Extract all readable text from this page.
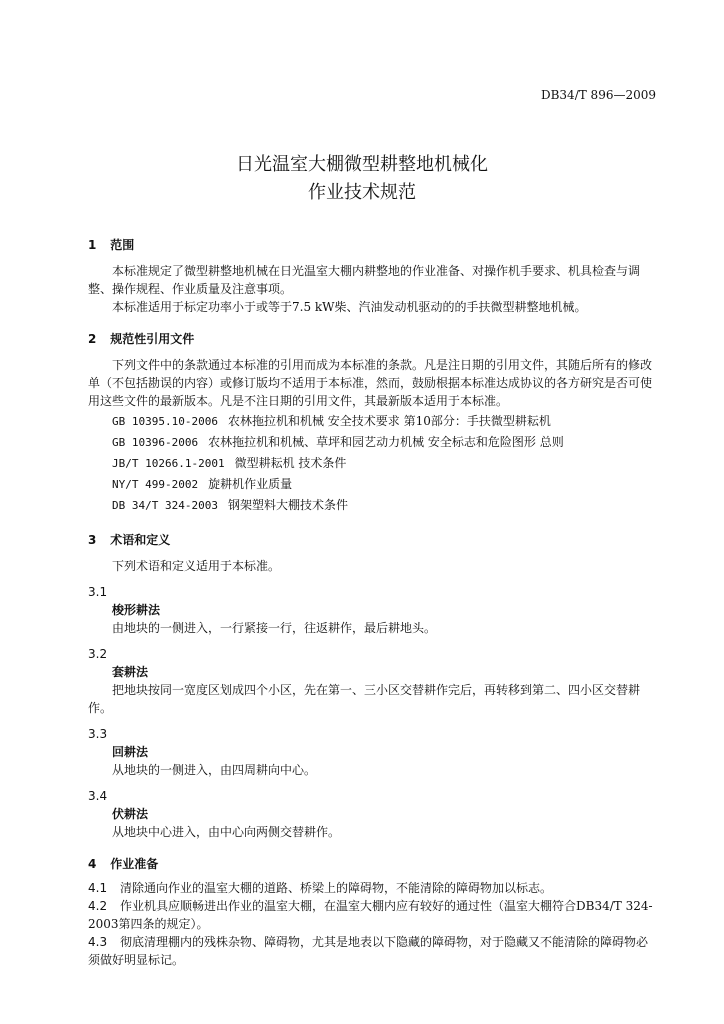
DB34/T 896—2009
日光温室大棚微型耕整地机械化
作业技术规范
1 范围

本标准规定了微型耕整地机械在日光温室大棚内耕整地的作业准备、对操作机手要求、机具检查与调整、操作规程、作业质量及注意事项。

本标准适用于标定功率小于或等于7.5 kW柴、汽油发动机驱动的的手扶微型耕整地机械。

2 规范性引用文件

下列文件中的条款通过本标准的引用而成为本标准的条款。凡是注日期的引用文件，其随后所有的修改单（不包括勘误的内容）或修订版均不适用于本标准，然而，鼓励根据本标准达成协议的各方研究是否可使用这些文件的最新版本。凡是不注日期的引用文件，其最新版本适用于本标准。

GB 10395.10-2006 农林拖拉机和机械 安全技术要求 第10部分：手扶微型耕耘机
GB 10396-2006 农林拖拉机和机械、草坪和园艺动力机械 安全标志和危险图形 总则
JB/T 10266.1-2001 微型耕耘机 技术条件
NY/T 499-2002 旋耕机作业质量
DB 34/T 324-2003 钢架塑料大棚技术条件
3 术语和定义

下列术语和定义适用于本标准。

3.1
梭形耕法
由地块的一侧进入，一行紧接一行，往返耕作，最后耕地头。
3.2
套耕法
把地块按同一宽度区划成四个小区，先在第一、三小区交替耕作完后，再转移到第二、四小区交替耕作。
3.3
回耕法
从地块的一侧进入，由四周耕向中心。
3.4
伏耕法
从地块中心进入，由中心向两侧交替耕作。
4 作业准备

4.1 清除通向作业的温室大棚的道路、桥梁上的障碍物，不能清除的障碍物加以标志。

4.2 作业机具应顺畅进出作业的温室大棚，在温室大棚内应有较好的通过性（温室大棚符合DB34/T 324-2003第四条的规定）。

4.3 彻底清理棚内的残株杂物、障碍物，尤其是地表以下隐藏的障碍物，对于隐藏又不能清除的障碍物必须做好明显标记。
